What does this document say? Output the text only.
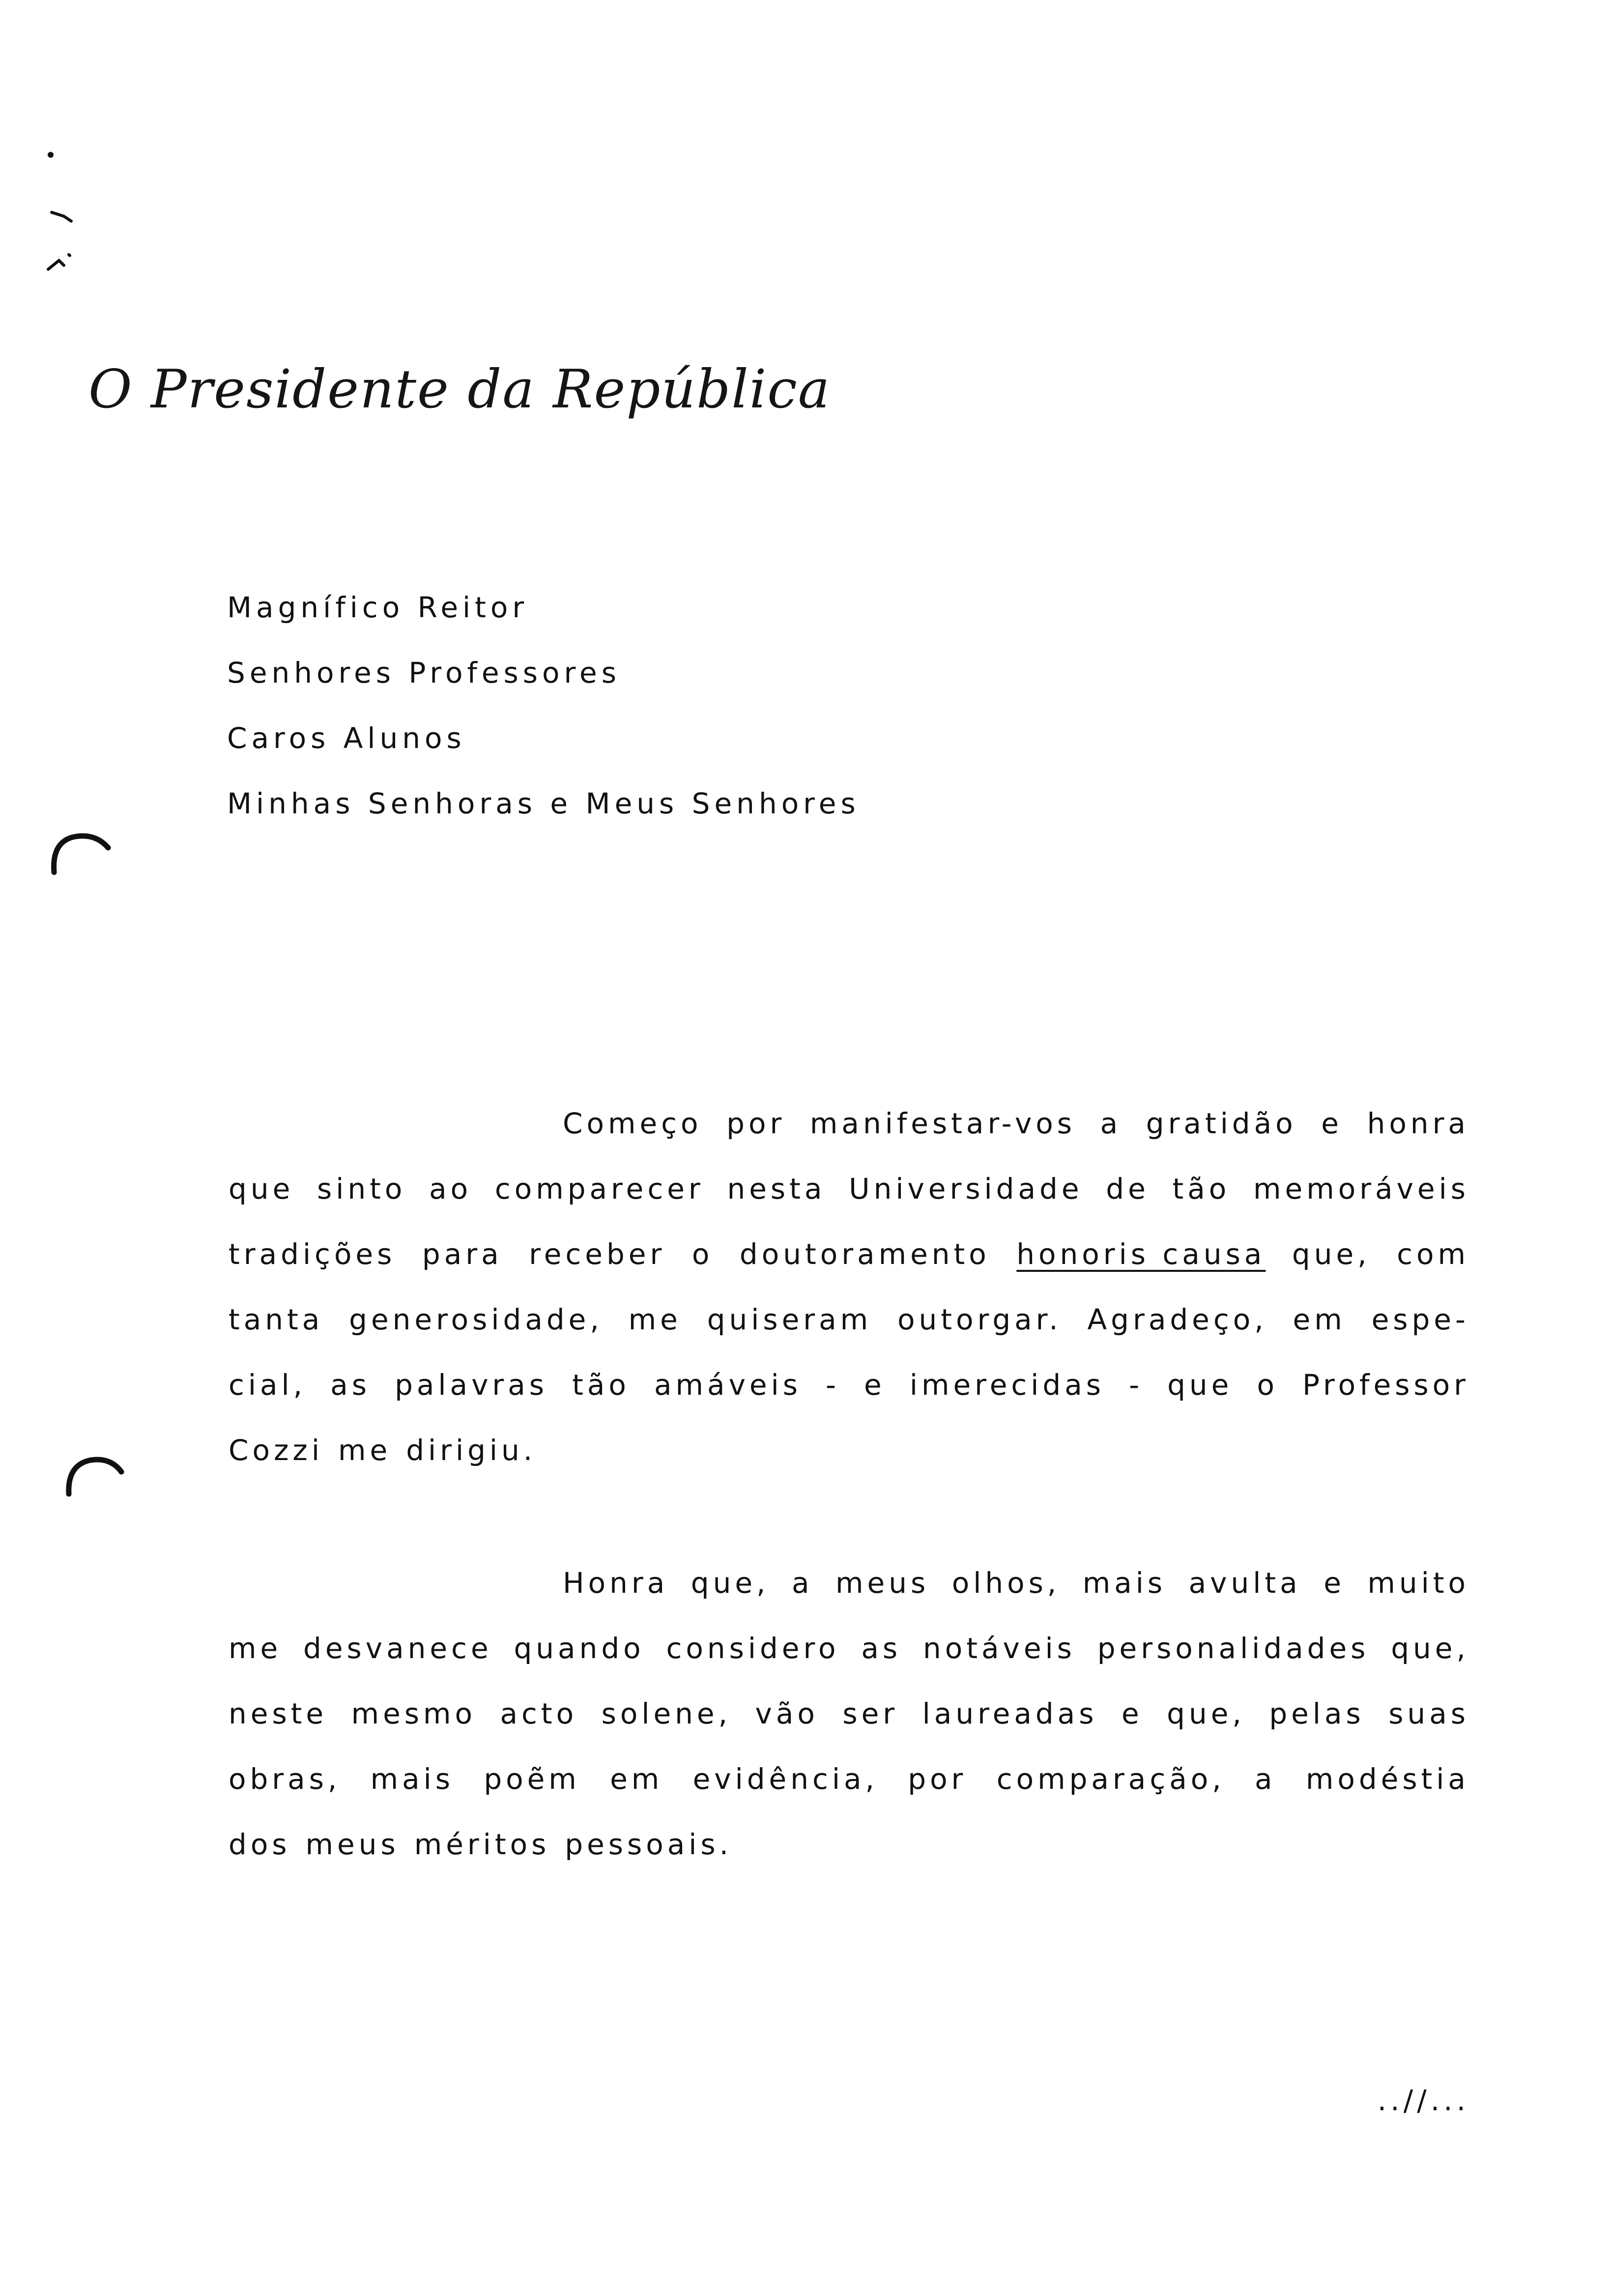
O Presidente da República
Magnífico Reitor
Senhores Professores
Caros Alunos
Minhas Senhoras e Meus Senhores
Começo por manifestar-vos a gratidão e honra
que sinto ao comparecer nesta Universidade de tão memoráveis
tradições para receber o doutoramento honoris causa que, com
tanta generosidade, me quiseram outorgar. Agradeço, em espe-
cial, as palavras tão amáveis - e imerecidas - que o Professor
Cozzi me dirigiu.
Honra que, a meus olhos, mais avulta e muito
me desvanece quando considero as notáveis personalidades que,
neste mesmo acto solene, vão ser laureadas e que, pelas suas
obras, mais poẽm em evidência, por comparação, a modéstia
dos meus méritos pessoais.
..//...
